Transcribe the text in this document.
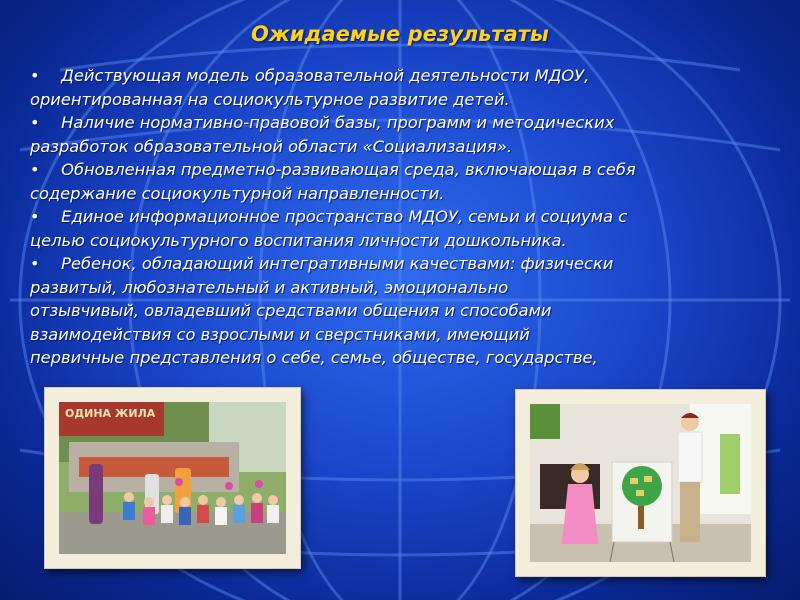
Ожидаемые результаты
• Действующая модель образовательной деятельности МДОУ,
ориентированная на социокультурное развитие детей.
• Наличие нормативно-правовой базы, программ и методических
разработок образовательной области «Социализация».
• Обновленная предметно-развивающая среда, включающая в себя
содержание социокультурной направленности.
• Единое информационное пространство МДОУ, семьи и социума с
целью социокультурного воспитания личности дошкольника.
• Ребенок, обладающий интегративными качествами: физически
развитый, любознательный и активный, эмоционально
отзывчивый, овладевший средствами общения и способами
взаимодействия со взрослыми и сверстниками, имеющий
первичные представления о себе, семье, обществе, государстве,
ОДИНА ЖИЛА
